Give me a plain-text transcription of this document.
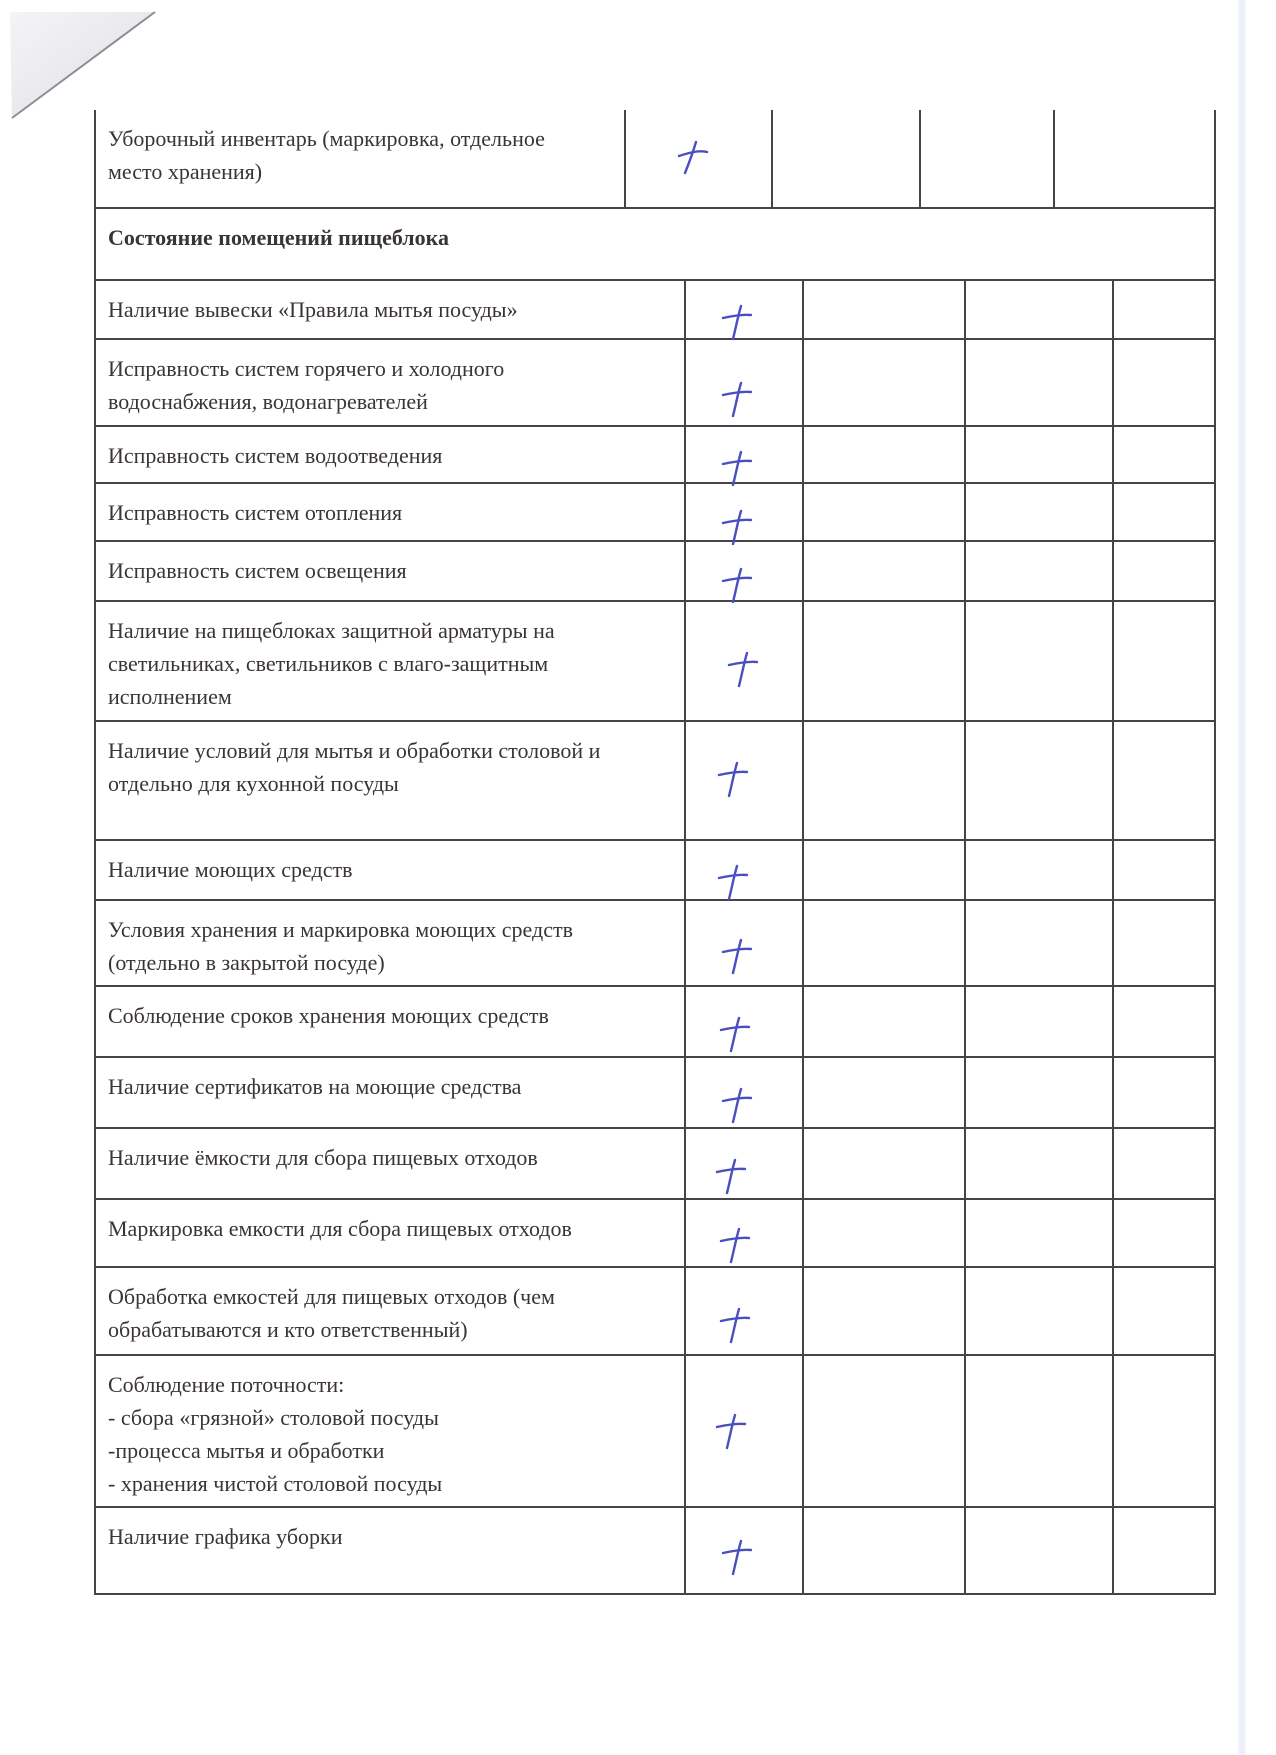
Уборочный инвентарь (маркировка, отдельное
место хранения)
Состояние помещений пищеблока
Наличие вывески «Правила мытья посуды»
Исправность систем горячего и холодного
водоснабжения, водонагревателей
Исправность систем водоотведения
Исправность систем отопления
Исправность систем освещения
Наличие на пищеблоках защитной арматуры на
светильниках, светильников с влаго-защитным
исполнением
Наличие условий для мытья и обработки столовой и
отдельно для кухонной посуды
Наличие моющих средств
Условия хранения и маркировка моющих средств
(отдельно в закрытой посуде)
Соблюдение сроков хранения моющих средств
Наличие сертификатов на моющие средства
Наличие ёмкости для сбора пищевых отходов
Маркировка емкости для сбора пищевых отходов
Обработка емкостей для пищевых отходов (чем
обрабатываются и кто ответственный)
Соблюдение поточности:
- сбора «грязной» столовой посуды
-процесса мытья и обработки
- хранения чистой столовой посуды
Наличие графика уборки
